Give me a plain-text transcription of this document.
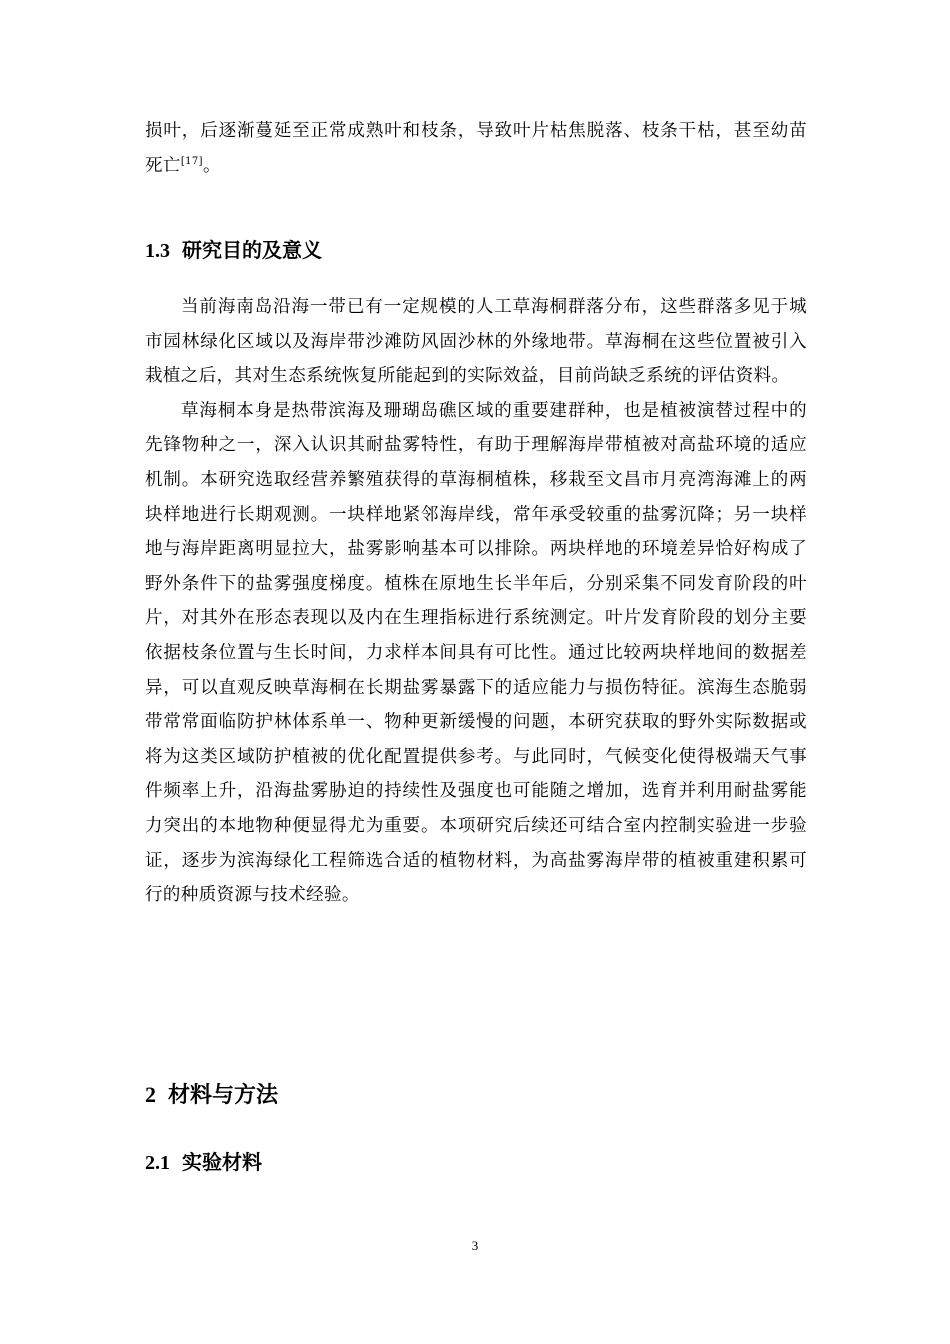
损叶，后逐渐蔓延至正常成熟叶和枝条，导致叶片枯焦脱落、枝条干枯，甚至幼苗死亡[17]。

1.3 研究目的及意义

当前海南岛沿海一带已有一定规模的人工草海桐群落分布，这些群落多见于城市园林绿化区域以及海岸带沙滩防风固沙林的外缘地带。草海桐在这些位置被引入栽植之后，其对生态系统恢复所能起到的实际效益，目前尚缺乏系统的评估资料。

草海桐本身是热带滨海及珊瑚岛礁区域的重要建群种，也是植被演替过程中的先锋物种之一，深入认识其耐盐雾特性，有助于理解海岸带植被对高盐环境的适应机制。本研究选取经营养繁殖获得的草海桐植株，移栽至文昌市月亮湾海滩上的两块样地进行长期观测。一块样地紧邻海岸线，常年承受较重的盐雾沉降；另一块样地与海岸距离明显拉大，盐雾影响基本可以排除。两块样地的环境差异恰好构成了野外条件下的盐雾强度梯度。植株在原地生长半年后，分别采集不同发育阶段的叶片，对其外在形态表现以及内在生理指标进行系统测定。叶片发育阶段的划分主要依据枝条位置与生长时间，力求样本间具有可比性。通过比较两块样地间的数据差异，可以直观反映草海桐在长期盐雾暴露下的适应能力与损伤特征。滨海生态脆弱带常常面临防护林体系单一、物种更新缓慢的问题，本研究获取的野外实际数据或将为这类区域防护植被的优化配置提供参考。与此同时，气候变化使得极端天气事件频率上升，沿海盐雾胁迫的持续性及强度也可能随之增加，选育并利用耐盐雾能力突出的本地物种便显得尤为重要。本项研究后续还可结合室内控制实验进一步验证，逐步为滨海绿化工程筛选合适的植物材料，为高盐雾海岸带的植被重建积累可行的种质资源与技术经验。

2 材料与方法
2.1 实验材料
3
